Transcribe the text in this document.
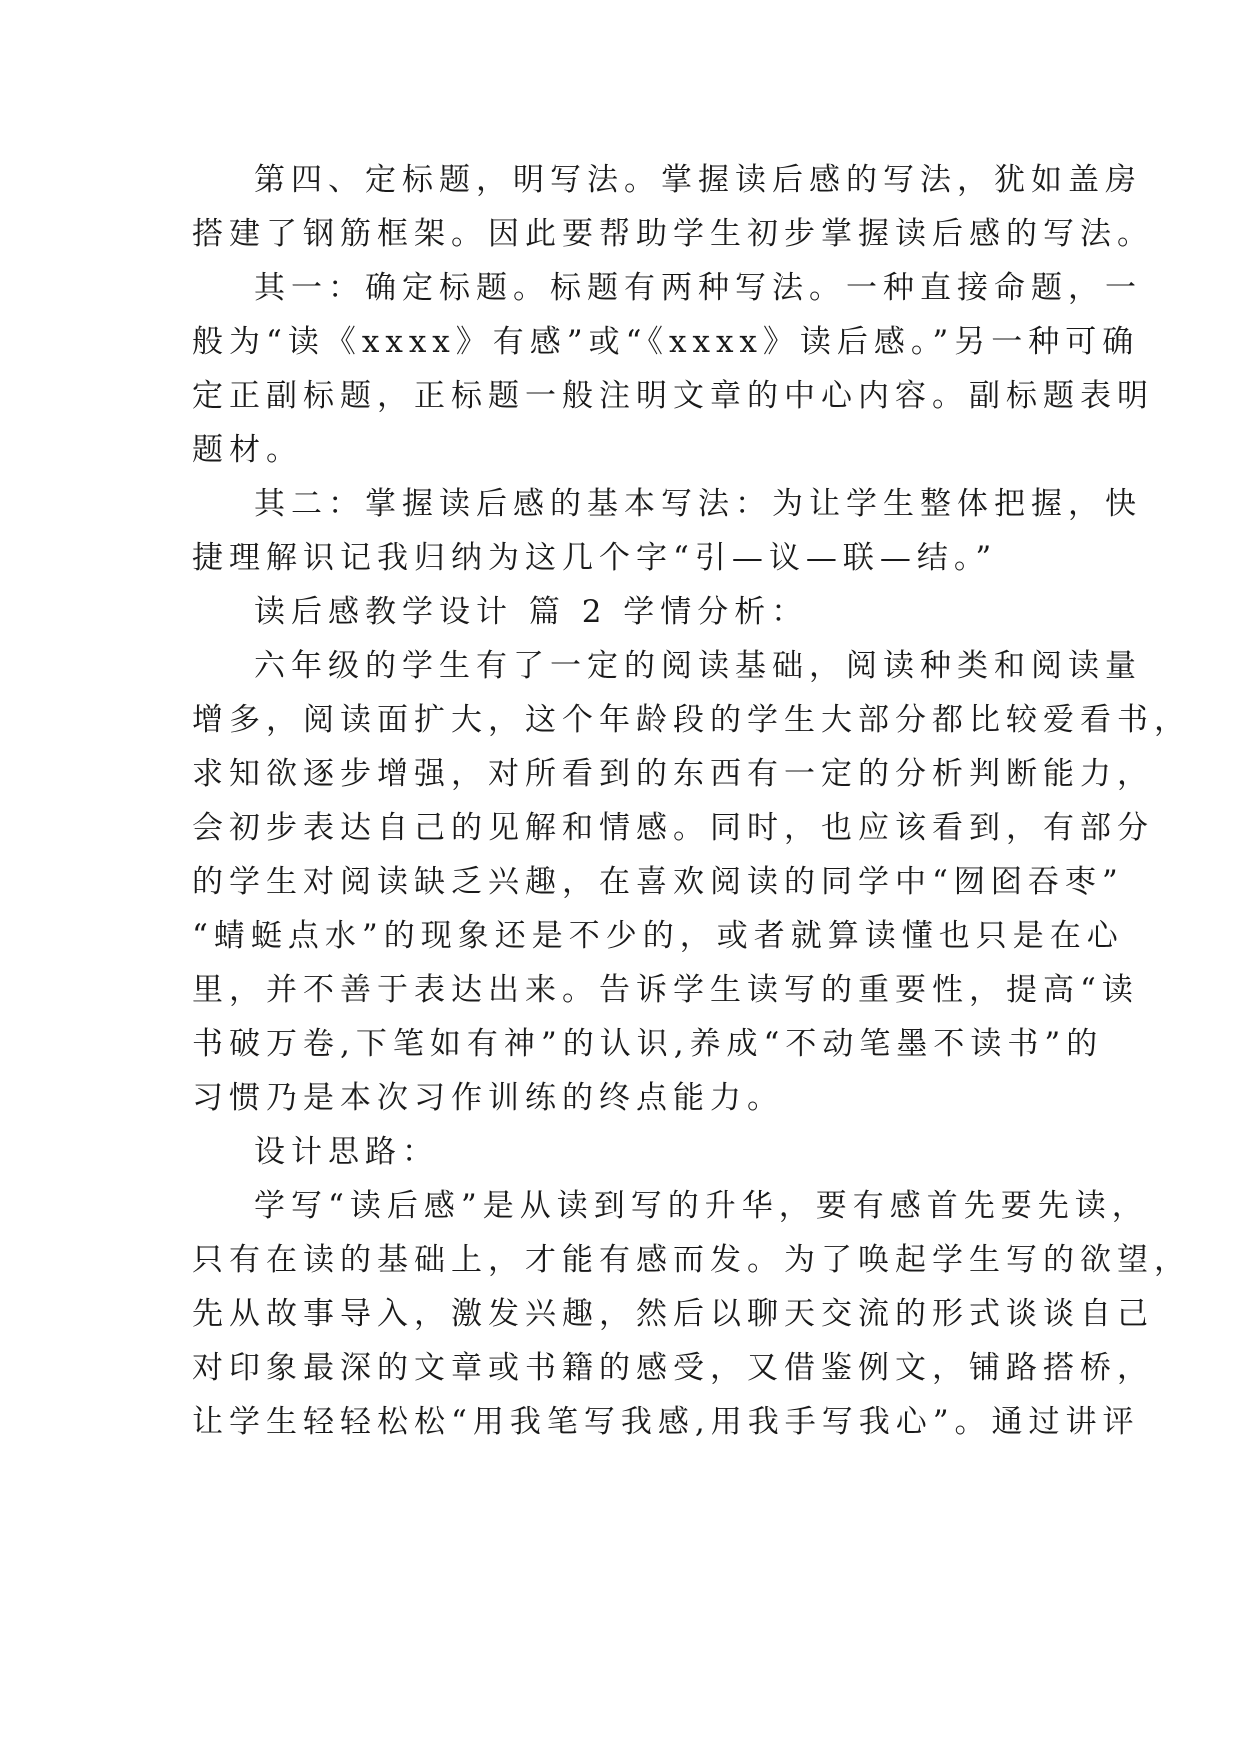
第四、定标题，明写法。掌握读后感的写法，犹如盖房
搭建了钢筋框架。因此要帮助学生初步掌握读后感的写法。
其一：确定标题。标题有两种写法。一种直接命题，一
般为“读《xxxx》有感”或“《xxxx》读后感。”另一种可确
定正副标题，正标题一般注明文章的中心内容。副标题表明
题材。
其二：掌握读后感的基本写法：为让学生整体把握，快
捷理解识记我归纳为这几个字“引—议—联—结。”
读后感教学设计 篇 2 学情分析：
六年级的学生有了一定的阅读基础，阅读种类和阅读量
增多，阅读面扩大，这个年龄段的学生大部分都比较爱看书，
求知欲逐步增强，对所看到的东西有一定的分析判断能力，
会初步表达自己的见解和情感。同时，也应该看到，有部分
的学生对阅读缺乏兴趣，在喜欢阅读的同学中“囫囵吞枣”
“蜻蜓点水”的现象还是不少的，或者就算读懂也只是在心
里，并不善于表达出来。告诉学生读写的重要性，提高“读
书破万卷,下笔如有神”的认识,养成“不动笔墨不读书”的
习惯乃是本次习作训练的终点能力。
设计思路：
学写“读后感”是从读到写的升华，要有感首先要先读，
只有在读的基础上，才能有感而发。为了唤起学生写的欲望，
先从故事导入，激发兴趣，然后以聊天交流的形式谈谈自己
对印象最深的文章或书籍的感受，又借鉴例文，铺路搭桥，
让学生轻轻松松“用我笔写我感,用我手写我心”。通过讲评
